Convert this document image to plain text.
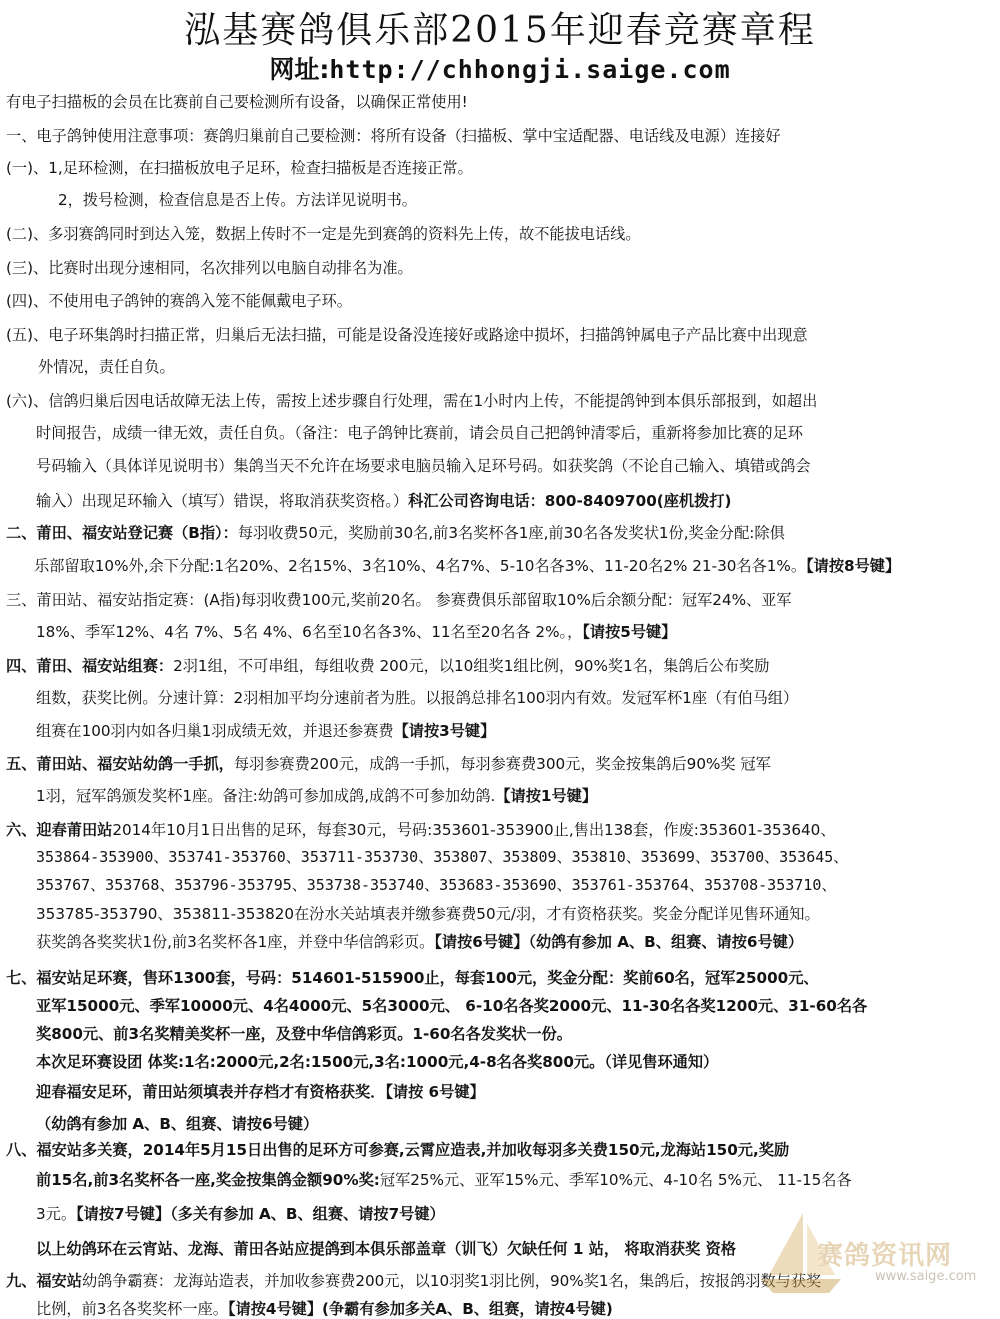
泓基赛鸽俱乐部2015年迎春竞赛章程
网址:http://chhongji.saige.com
有电子扫描板的会员在比赛前自己要检测所有设备，以确保正常使用!
一、电子鸽钟使用注意事项：赛鸽归巢前自己要检测：将所有设备（扫描板、掌中宝适配器、电话线及电源）连接好
(一)、1,足环检测，在扫描板放电子足环，检查扫描板是否连接正常。
2，拨号检测，检查信息是否上传。方法详见说明书。
(二)、多羽赛鸽同时到达入笼，数据上传时不一定是先到赛鸽的资料先上传，故不能拔电话线。
(三)、比赛时出现分速相同，名次排列以电脑自动排名为准。
(四)、不使用电子鸽钟的赛鸽入笼不能佩戴电子环。
(五)、电子环集鸽时扫描正常，归巢后无法扫描，可能是设备没连接好或路途中损坏，扫描鸽钟属电子产品比赛中出现意
外情况，责任自负。
(六)、信鸽归巢后因电话故障无法上传，需按上述步骤自行处理，需在1小时内上传，不能提鸽钟到本俱乐部报到，如超出
时间报告，成绩一律无效，责任自负。（备注：电子鸽钟比赛前，请会员自己把鸽钟清零后，重新将参加比赛的足环
号码输入（具体详见说明书）集鸽当天不允许在场要求电脑员输入足环号码。如获奖鸽（不论自己输入、填错或鸽会
输入）出现足环输入（填写）错误，将取消获奖资格。）科汇公司咨询电话：800-8409700(座机拨打)
二、莆田、福安站登记赛（B指）：每羽收费50元，奖励前30名,前3名奖杯各1座,前30名各发奖状1份,奖金分配:除俱
乐部留取10%外,余下分配:1名20%、2名15%、3名10%、4名7%、5-10名各3%、11-20名2% 21-30名各1%。【请按8号键】
三、莆田站、福安站指定赛：(A指)每羽收费100元,奖前20名。 参赛费俱乐部留取10%后余额分配：冠军24%、亚军
18%、季军12%、4名 7%、5名 4%、6名至10名各3%、11名至20名各 2%。，【请按5号键】
四、莆田、福安站组赛：2羽1组，不可串组，每组收费 200元，以10组奖1组比例，90%奖1名，集鸽后公布奖励
组数，获奖比例。分速计算：2羽相加平均分速前者为胜。以报鸽总排名100羽内有效。发冠军杯1座（有伯马组）
组赛在100羽内如各归巢1羽成绩无效，并退还参赛费【请按3号键】
五、莆田站、福安站幼鸽一手抓，每羽参赛费200元，成鸽一手抓，每羽参赛费300元，奖金按集鸽后90%奖 冠军
1羽，冠军鸽颁发奖杯1座。备注:幼鸽可参加成鸽,成鸽不可参加幼鸽.【请按1号键】
六、迎春莆田站2014年10月1日出售的足环，每套30元，号码:353601-353900止,售出138套，作废:353601-353640、
353864-353900、353741-353760、353711-353730、353807、353809、353810、353699、353700、353645、
353767、353768、353796-353795、353738-353740、353683-353690、353761-353764、353708-353710、
353785-353790、353811-353820在汾水关站填表并缴参赛费50元/羽，才有资格获奖。奖金分配详见售环通知。
获奖鸽各奖奖状1份,前3名奖杯各1座，并登中华信鸽彩页。【请按6号键】（幼鸽有参加 A、B、组赛、请按6号键）
七、福安站足环赛，售环1300套，号码：514601-515900止，每套100元，奖金分配：奖前60名，冠军25000元、
亚军15000元、季军10000元、4名4000元、5名3000元、 6-10名各奖2000元、11-30名各奖1200元、31-60名各
奖800元、前3名奖精美奖杯一座，及登中华信鸽彩页。1-60名各发奖状一份。
本次足环赛设团 体奖:1名:2000元,2名:1500元,3名:1000元,4-8名各奖800元。（详见售环通知）
迎春福安足环，莆田站须填表并存档才有资格获奖．【请按 6号键】
（幼鸽有参加 A、B、组赛、请按6号键）
八、福安站多关赛，2014年5月15日出售的足环方可参赛,云霄应造表,并加收每羽多关费150元,龙海站150元,奖励
前15名,前3名奖杯各一座,奖金按集鸽金额90%奖:冠军25%元、亚军15%元、季军10%元、4-10名 5%元、 11-15名各
3元。【请按7号键】（多关有参加 A、B、组赛、请按7号键）
以上幼鸽环在云宵站、龙海、莆田各站应提鸽到本俱乐部盖章（训飞）欠缺任何 1 站， 将取消获奖 资格
九、福安站幼鸽争霸赛：龙海站造表，并加收参赛费200元，以10羽奖1羽比例，90%奖1名，集鸽后，按报鸽羽数与获奖
比例，前3名各奖奖杯一座。【请按4号键】(争霸有参加多关A、B、组赛，请按4号键)
赛鸽资讯网
www.saige.com
